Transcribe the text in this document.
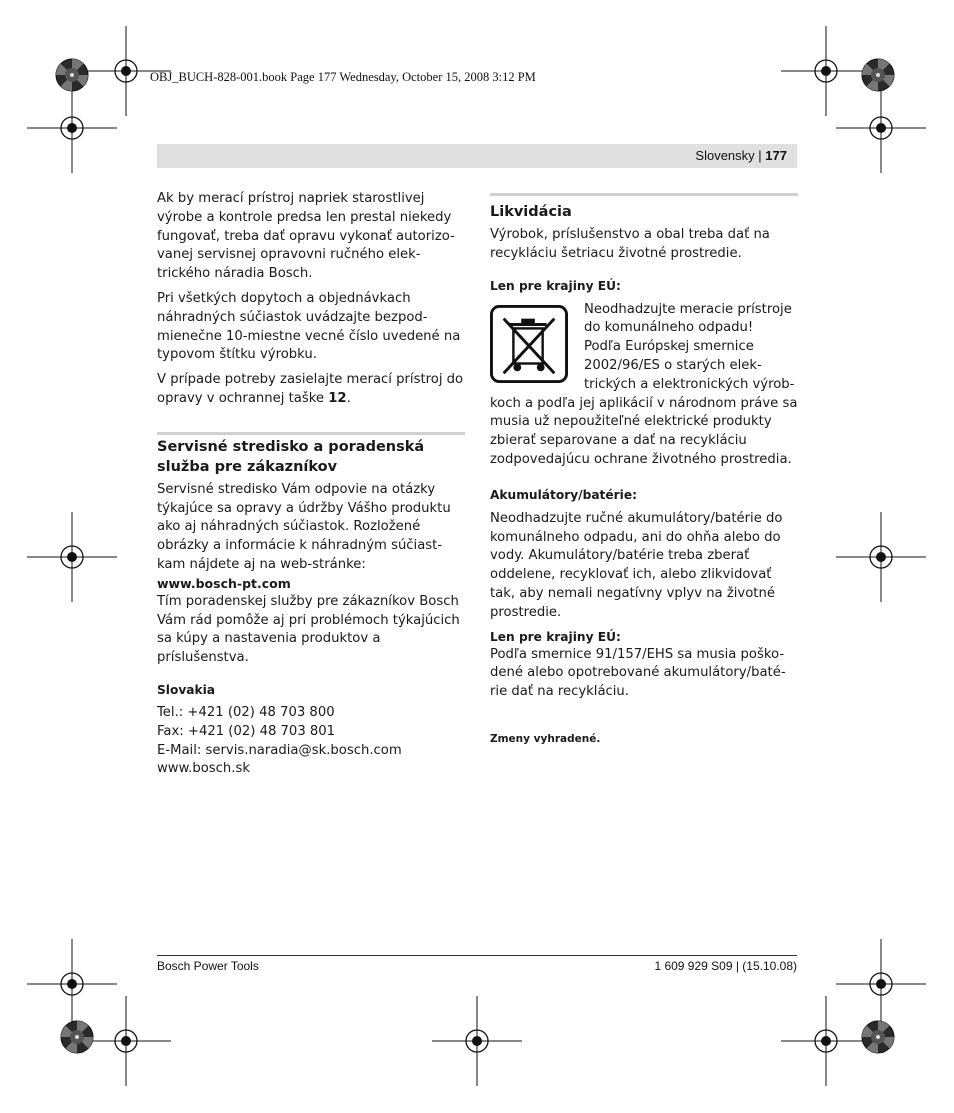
OBJ_BUCH-828-001.book Page 177 Wednesday, October 15, 2008 3:12 PM
Slovensky | 177

Ak by merací prístroj napriek starostlivej výrobe a kontrole predsa len prestal niekedy fungovať, treba dať opravu vykonať autorizo-vanej servisnej opravovni ručného elek-trického náradia Bosch.

Pri všetkých dopytoch a objednávkach náhradných súčiastok uvádzajte bezpod-mienečne 10-miestne vecné číslo uvedené na typovom štítku výrobku.

V prípade potreby zasielajte merací prístroj do opravy v ochrannej taške 12.

Servisné stredisko a poradenská služba pre zákazníkov

Servisné stredisko Vám odpovie na otázky týkajúce sa opravy a údržby Vášho produktu ako aj náhradných súčiastok. Rozložené obrázky a informácie k náhradným súčiast-kam nájdete aj na web-stránke:

www.bosch-pt.com

Tím poradenskej služby pre zákazníkov Bosch Vám rád pomôže aj pri problémoch týkajúcich sa kúpy a nastavenia produktov a príslušenstva.

Slovakia

Tel.: +421 (02) 48 703 800

Fax: +421 (02) 48 703 801

E-Mail: servis.naradia@sk.bosch.com

www.bosch.sk

Likvidácia

Výrobok, príslušenstvo a obal treba dať na recykláciu šetriacu životné prostredie.

Len pre krajiny EÚ:

Neodhadzujte meracie prístroje do komunálneho odpadu!

Podľa Európskej smernice 2002/96/ES o starých elek-trických a elektronických výrob-koch a podľa jej aplikácií v národnom práve sa musia už nepoužiteľné elektrické produkty zbierať separovane a dať na recykláciu zodpovedajúcu ochrane životného prostredia.

Akumulátory/batérie:

Neodhadzujte ručné akumulátory/batérie do komunálneho odpadu, ani do ohňa alebo do vody. Akumulátory/batérie treba zberať oddelene, recyklovať ich, alebo zlikvidovať tak, aby nemali negatívny vplyv na životné prostredie.

Len pre krajiny EÚ:

Podľa smernice 91/157/EHS sa musia poško-dené alebo opotrebované akumulátory/baté-rie dať na recykláciu.

Zmeny vyhradené.

Bosch Power Tools	1 609 929 S09 | (15.10.08)
